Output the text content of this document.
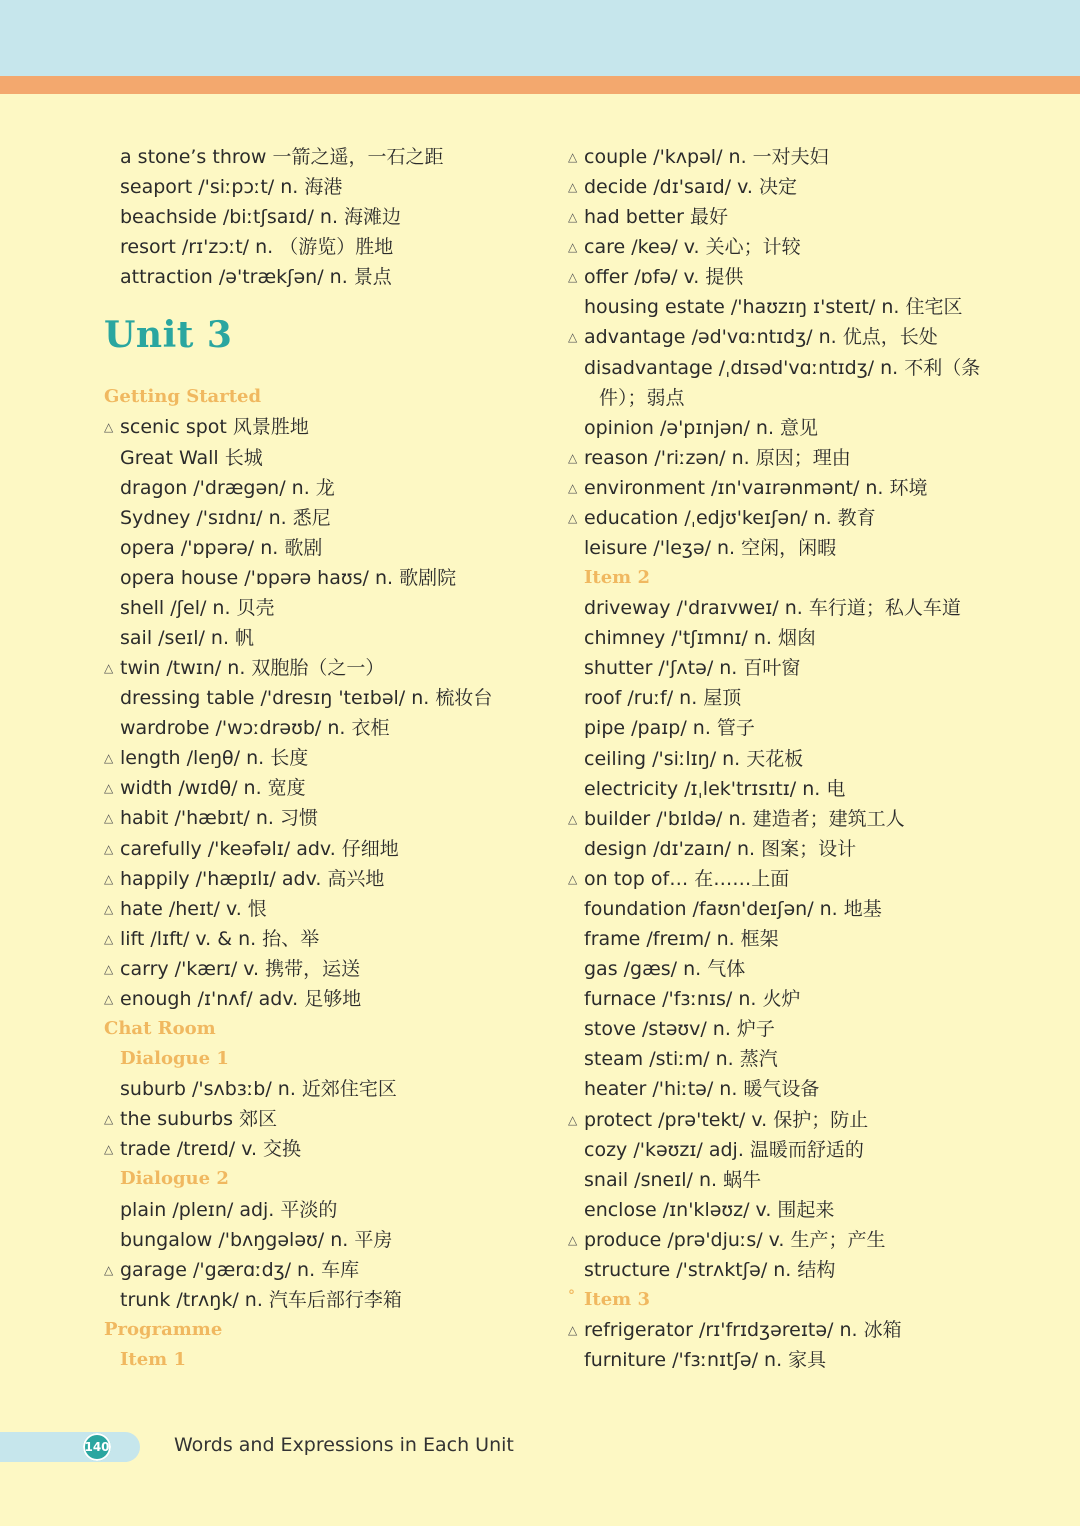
a stone’s throw 一箭之遥，一石之距
seaport /'siːpɔːt/ n. 海港
beachside /biːtʃsaɪd/ n. 海滩边
resort /rɪ'zɔːt/ n. （游览）胜地
attraction /ə'trækʃən/ n. 景点
Unit 3
Getting Started
△ scenic spot 风景胜地
Great Wall 长城
dragon /'drægən/ n. 龙
Sydney /'sɪdnɪ/ n. 悉尼
opera /'ɒpərə/ n. 歌剧
opera house /'ɒpərə haʊs/ n. 歌剧院
shell /ʃel/ n. 贝壳
sail /seɪl/ n. 帆
△ twin /twɪn/ n. 双胞胎（之一）
dressing table /'dresɪŋ 'teɪbəl/ n. 梳妆台
wardrobe /'wɔːdrəʊb/ n. 衣柜
△ length /leŋθ/ n. 长度
△ width /wɪdθ/ n. 宽度
△ habit /'hæbɪt/ n. 习惯
△ carefully /'keəfəlɪ/ adv. 仔细地
△ happily /'hæpɪlɪ/ adv. 高兴地
△ hate /heɪt/ v. 恨
△ lift /lɪft/ v. & n. 抬、举
△ carry /'kærɪ/ v. 携带，运送
△ enough /ɪ'nʌf/ adv. 足够地
Chat Room
Dialogue 1
suburb /'sʌbɜːb/ n. 近郊住宅区
△ the suburbs 郊区
△ trade /treɪd/ v. 交换
Dialogue 2
plain /pleɪn/ adj. 平淡的
bungalow /'bʌŋgələʊ/ n. 平房
△ garage /'gærɑːdʒ/ n. 车库
trunk /trʌŋk/ n. 汽车后部行李箱
Programme
Item 1
△ couple /'kʌpəl/ n. 一对夫妇
△ decide /dɪ'saɪd/ v. 决定
△ had better 最好
△ care /keə/ v. 关心；计较
△ offer /ɒfə/ v. 提供
housing estate /'haʊzɪŋ ɪ'steɪt/ n. 住宅区
△ advantage /əd'vɑːntɪdʒ/ n. 优点，长处
disadvantage /ˌdɪsəd'vɑːntɪdʒ/ n. 不利（条
件）；弱点
opinion /ə'pɪnjən/ n. 意见
△ reason /'riːzən/ n. 原因；理由
△ environment /ɪn'vaɪrənmənt/ n. 环境
△ education /ˌedjʊ'keɪʃən/ n. 教育
leisure /'leʒə/ n. 空闲，闲暇
Item 2
driveway /'draɪvweɪ/ n. 车行道；私人车道
chimney /'tʃɪmnɪ/ n. 烟囱
shutter /'ʃʌtə/ n. 百叶窗
roof /ruːf/ n. 屋顶
pipe /paɪp/ n. 管子
ceiling /'siːlɪŋ/ n. 天花板
electricity /ɪˌlek'trɪsɪtɪ/ n. 电
△ builder /'bɪldə/ n. 建造者；建筑工人
design /dɪ'zaɪn/ n. 图案；设计
△ on top of… 在……上面
foundation /faʊn'deɪʃən/ n. 地基
frame /freɪm/ n. 框架
gas /gæs/ n. 气体
furnace /'fɜːnɪs/ n. 火炉
stove /stəʊv/ n. 炉子
steam /stiːm/ n. 蒸汽
heater /'hiːtə/ n. 暖气设备
△ protect /prə'tekt/ v. 保护；防止
cozy /'kəʊzɪ/ adj. 温暖而舒适的
snail /sneɪl/ n. 蜗牛
enclose /ɪn'kləʊz/ v. 围起来
△ produce /prə'djuːs/ v. 生产；产生
structure /'strʌktʃə/ n. 结构
° Item 3
△ refrigerator /rɪ'frɪdʒəreɪtə/ n. 冰箱
furniture /'fɜːnɪtʃə/ n. 家具
140	Words and Expressions in Each Unit
